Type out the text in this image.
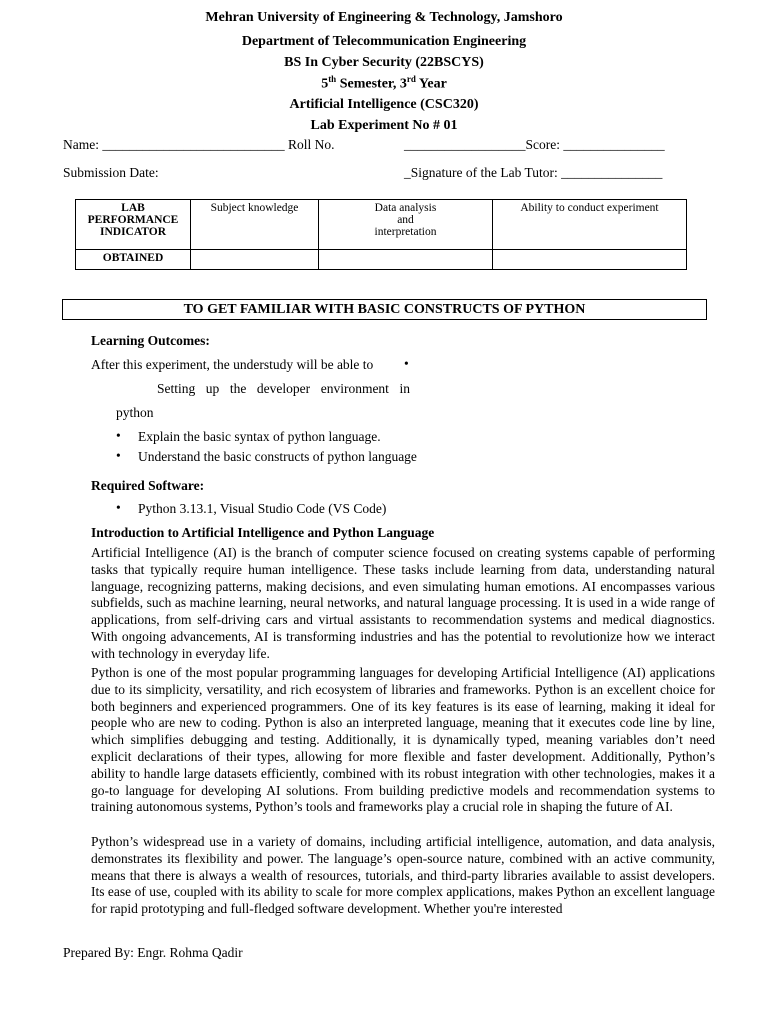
Mehran University of Engineering & Technology, Jamshoro
Department of Telecommunication Engineering
BS In Cyber Security (22BSCYS)
5th Semester, 3rd Year
Artificial Intelligence (CSC320)
Lab Experiment No # 01
Name: ___________________________ Roll No.	__________________Score: _______________
Submission Date:	_Signature of the Lab Tutor: _______________
LAB PERFORMANCE INDICATOR	Subject knowledge	Data analysis
and
interpretation	Ability to conduct experiment
OBTAINED			
TO GET FAMILIAR WITH BASIC CONSTRUCTS OF PYTHON
Learning Outcomes:
After this experiment, the understudy will be able to •
Setting up the developer environment in
python
• Explain the basic syntax of python language.
• Understand the basic constructs of python language
Required Software:
• Python 3.13.1, Visual Studio Code (VS Code)
Introduction to Artificial Intelligence and Python Language
Artificial Intelligence (AI) is the branch of computer science focused on creating systems capable of performing tasks that typically require human intelligence. These tasks include learning from data, understanding natural language, recognizing patterns, making decisions, and even simulating human emotions. AI encompasses various subfields, such as machine learning, neural networks, and natural language processing. It is used in a wide range of applications, from self-driving cars and virtual assistants to recommendation systems and medical diagnostics. With ongoing advancements, AI is transforming industries and has the potential to revolutionize how we interact with technology in everyday life.
Python is one of the most popular programming languages for developing Artificial Intelligence (AI) applications due to its simplicity, versatility, and rich ecosystem of libraries and frameworks. Python is an excellent choice for both beginners and experienced programmers. One of its key features is its ease of learning, making it ideal for people who are new to coding. Python is also an interpreted language, meaning that it executes code line by line, which simplifies debugging and testing. Additionally, it is dynamically typed, meaning variables don’t need explicit declarations of their types, allowing for more flexible and faster development. Additionally, Python’s ability to handle large datasets efficiently, combined with its robust integration with other technologies, makes it a go-to language for developing AI solutions. From building predictive models and recommendation systems to training autonomous systems, Python’s tools and frameworks play a crucial role in shaping the future of AI.
Python’s widespread use in a variety of domains, including artificial intelligence, automation, and data analysis, demonstrates its flexibility and power. The language’s open-source nature, combined with an active community, means that there is always a wealth of resources, tutorials, and third-party libraries available to assist developers. Its ease of use, coupled with its ability to scale for more complex applications, makes Python an excellent language for rapid prototyping and full-fledged software development. Whether you're interested
Prepared By: Engr. Rohma Qadir
